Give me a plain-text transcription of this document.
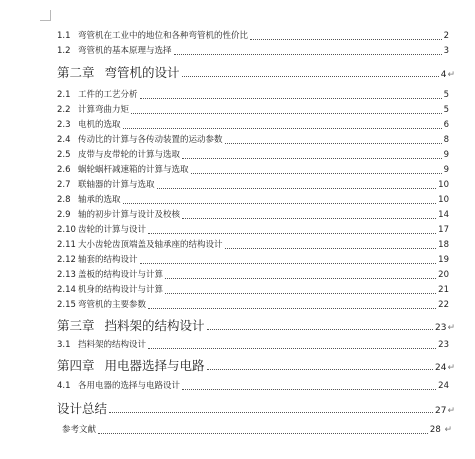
1.1 弯管机在工业中的地位和各种弯管机的性价比	2
1.2 弯管机的基本原理与选择	3
第二章 弯管机的设计	4 ↵
2.1 工件的工艺分析	5
2.2 计算弯曲力矩	5
2.3 电机的选取	6
2.4 传动比的计算与各传动装置的运动参数	8
2.5 皮带与皮带轮的计算与选取	9
2.6 蜗轮蜗杆减速箱的计算与选取	9
2.7 联轴器的计算与选取	10
2.8 轴承的选取	10
2.9 轴的初步计算与设计及校核	14
2.10 齿轮的计算与设计	17
2.11 大小齿轮齿顶端盖及轴承座的结构设计	18
2.12 轴套的结构设计	19
2.13 盖板的结构设计与计算	20
2.14 机身的结构设计与计算	21
2.15 弯管机的主要参数	22
第三章 挡料架的结构设计	23 ↵
3.1 挡料架的结构设计	23
第四章 用电器选择与电路	24 ↵
4.1 各用电器的选择与电路设计	24
设计总结	27 ↵
参考文献	28 ↵
